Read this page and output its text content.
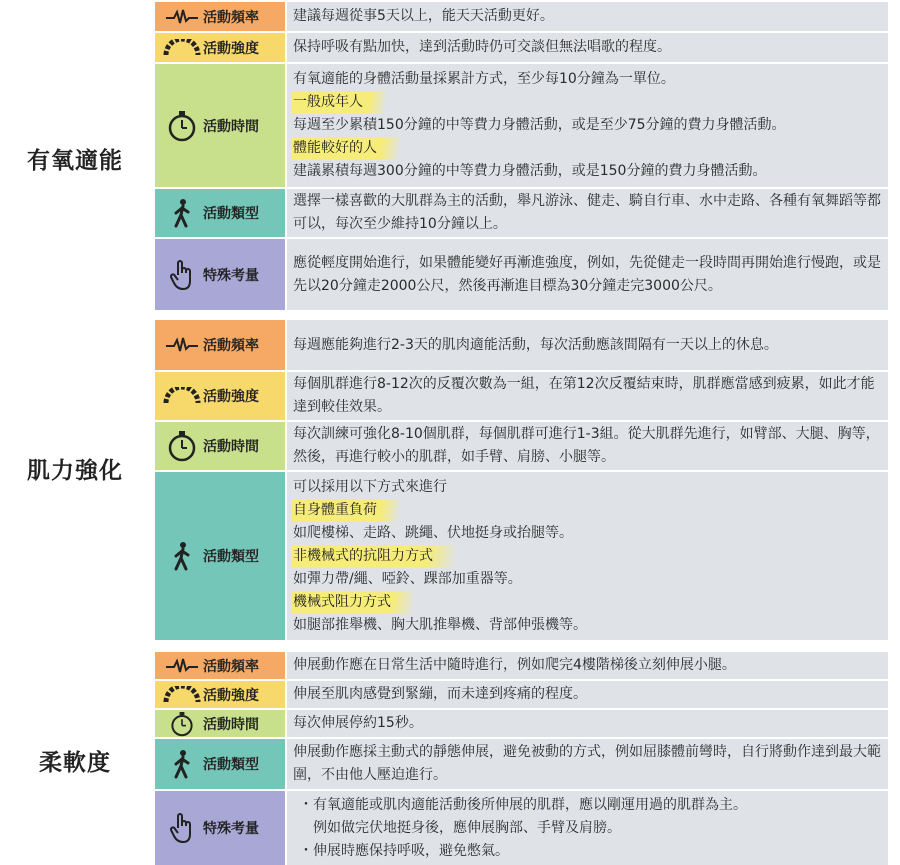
有氧適能
活動頻率 建議每週從事5天以上，能天天活動更好。
活動強度 保持呼吸有點加快，達到活動時仍可交談但無法唱歌的程度。
活動時間
有氧適能的身體活動量採累計方式，至少每10分鐘為一單位。
一般成年人
每週至少累積150分鐘的中等費力身體活動，或是至少75分鐘的費力身體活動。
體能較好的人
建議累積每週300分鐘的中等費力身體活動，或是150分鐘的費力身體活動。
活動類型
選擇一樣喜歡的大肌群為主的活動，舉凡游泳、健走、騎自行車、水中走路、各種有氧舞蹈等都可以，每次至少維持10分鐘以上。
特殊考量
應從輕度開始進行，如果體能變好再漸進強度，例如，先從健走一段時間再開始進行慢跑，或是先以20分鐘走2000公尺，然後再漸進目標為30分鐘走完3000公尺。
肌力強化
活動頻率 每週應能夠進行2-3天的肌肉適能活動，每次活動應該間隔有一天以上的休息。
活動強度
每個肌群進行8-12次的反覆次數為一組，在第12次反覆結束時，肌群應當感到疲累，如此才能達到較佳效果。
活動時間
每次訓練可強化8-10個肌群，每個肌群可進行1-3組。從大肌群先進行，如臂部、大腿、胸等，然後，再進行較小的肌群，如手臂、肩膀、小腿等。
活動類型
可以採用以下方式來進行
自身體重負荷
如爬樓梯、走路、跳繩、伏地挺身或抬腿等。
非機械式的抗阻力方式
如彈力帶/繩、啞鈴、踝部加重器等。
機械式阻力方式
如腿部推舉機、胸大肌推舉機、背部伸張機等。
柔軟度
活動頻率 伸展動作應在日常生活中隨時進行，例如爬完4樓階梯後立刻伸展小腿。
活動強度 伸展至肌肉感覺到緊繃，而未達到疼痛的程度。
活動時間 每次伸展停約15秒。
活動類型
伸展動作應採主動式的靜態伸展，避免被動的方式，例如屈膝體前彎時，自行將動作達到最大範圍，不由他人壓迫進行。
特殊考量
・有氧適能或肌肉適能活動後所伸展的肌群，應以剛運用過的肌群為主。
　例如做完伏地挺身後，應伸展胸部、手臂及肩膀。
・伸展時應保持呼吸，避免憋氣。
